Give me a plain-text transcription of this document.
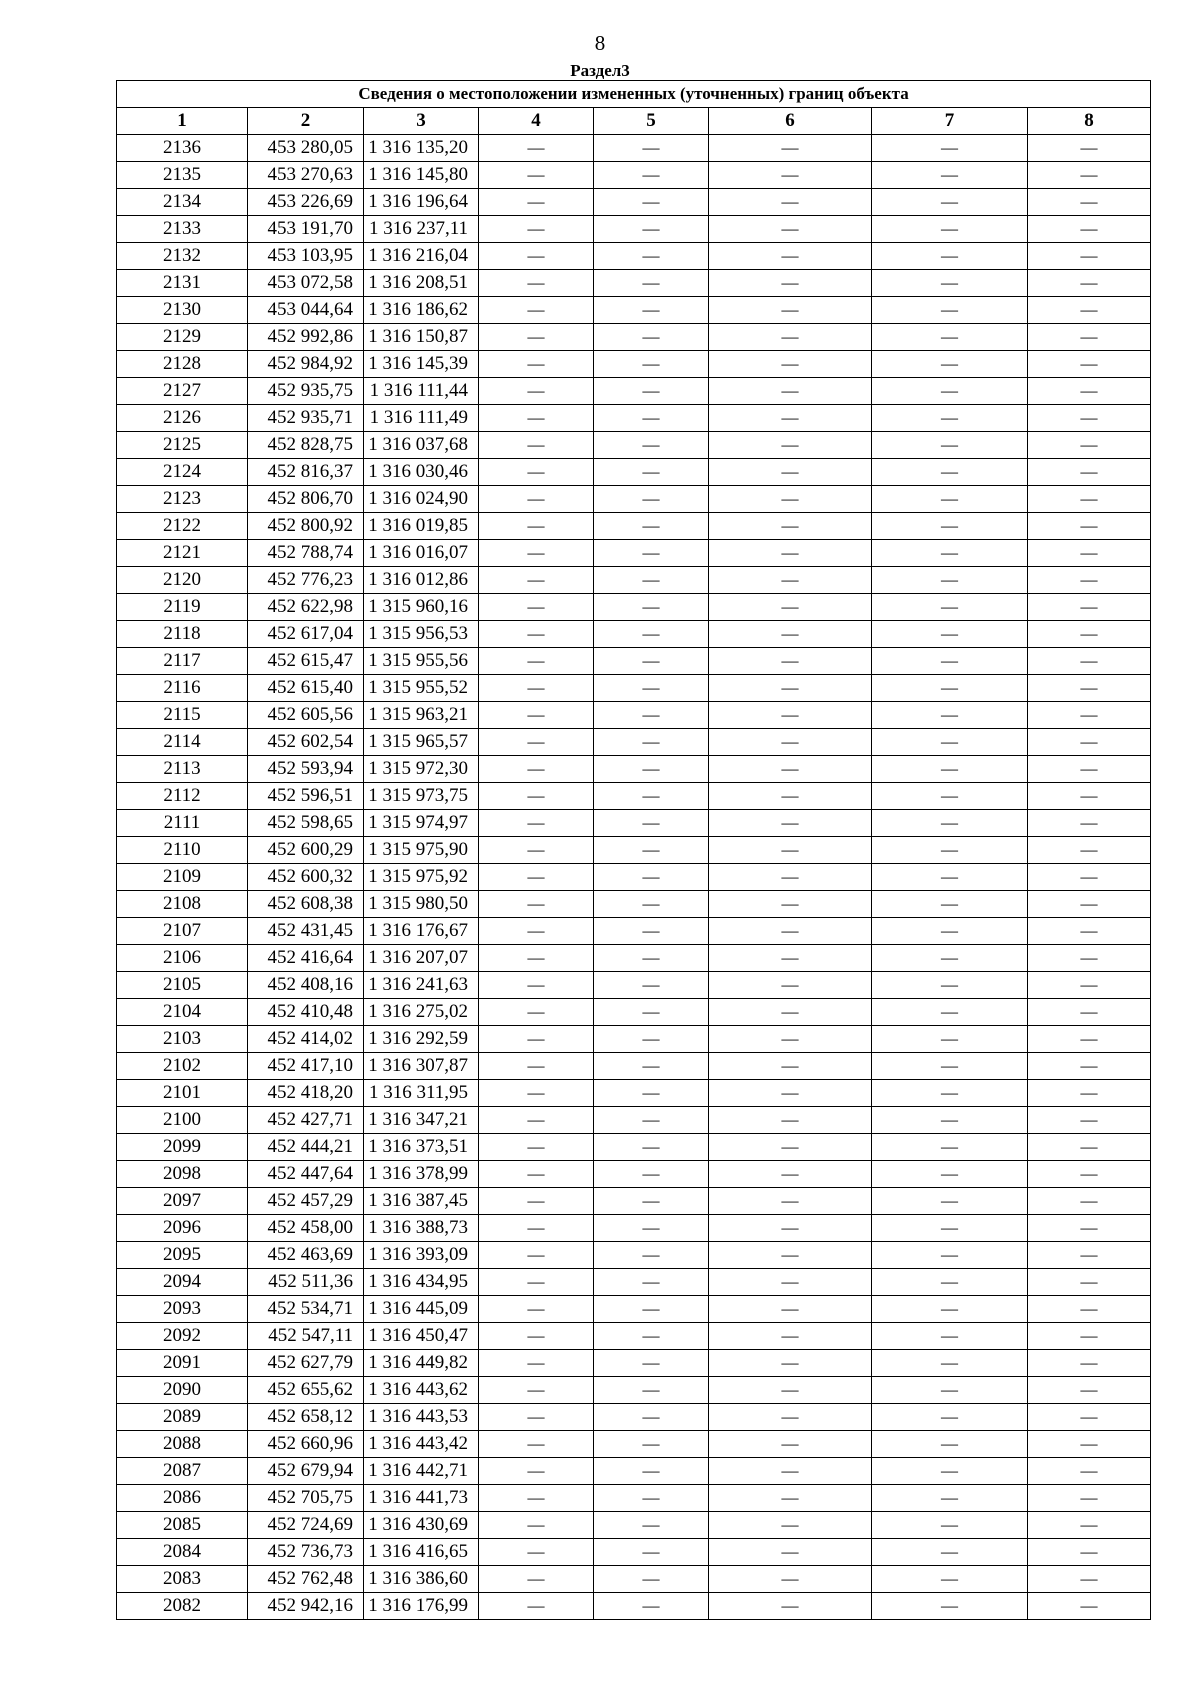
8
Раздел3
Сведения о местоположении измененных (уточненных) границ объекта							
1	2	3	4	5	6	7	8
2136	453 280,05	1 316 135,20	—	—	—	—	—
2135	453 270,63	1 316 145,80	—	—	—	—	—
2134	453 226,69	1 316 196,64	—	—	—	—	—
2133	453 191,70	1 316 237,11	—	—	—	—	—
2132	453 103,95	1 316 216,04	—	—	—	—	—
2131	453 072,58	1 316 208,51	—	—	—	—	—
2130	453 044,64	1 316 186,62	—	—	—	—	—
2129	452 992,86	1 316 150,87	—	—	—	—	—
2128	452 984,92	1 316 145,39	—	—	—	—	—
2127	452 935,75	1 316 111,44	—	—	—	—	—
2126	452 935,71	1 316 111,49	—	—	—	—	—
2125	452 828,75	1 316 037,68	—	—	—	—	—
2124	452 816,37	1 316 030,46	—	—	—	—	—
2123	452 806,70	1 316 024,90	—	—	—	—	—
2122	452 800,92	1 316 019,85	—	—	—	—	—
2121	452 788,74	1 316 016,07	—	—	—	—	—
2120	452 776,23	1 316 012,86	—	—	—	—	—
2119	452 622,98	1 315 960,16	—	—	—	—	—
2118	452 617,04	1 315 956,53	—	—	—	—	—
2117	452 615,47	1 315 955,56	—	—	—	—	—
2116	452 615,40	1 315 955,52	—	—	—	—	—
2115	452 605,56	1 315 963,21	—	—	—	—	—
2114	452 602,54	1 315 965,57	—	—	—	—	—
2113	452 593,94	1 315 972,30	—	—	—	—	—
2112	452 596,51	1 315 973,75	—	—	—	—	—
2111	452 598,65	1 315 974,97	—	—	—	—	—
2110	452 600,29	1 315 975,90	—	—	—	—	—
2109	452 600,32	1 315 975,92	—	—	—	—	—
2108	452 608,38	1 315 980,50	—	—	—	—	—
2107	452 431,45	1 316 176,67	—	—	—	—	—
2106	452 416,64	1 316 207,07	—	—	—	—	—
2105	452 408,16	1 316 241,63	—	—	—	—	—
2104	452 410,48	1 316 275,02	—	—	—	—	—
2103	452 414,02	1 316 292,59	—	—	—	—	—
2102	452 417,10	1 316 307,87	—	—	—	—	—
2101	452 418,20	1 316 311,95	—	—	—	—	—
2100	452 427,71	1 316 347,21	—	—	—	—	—
2099	452 444,21	1 316 373,51	—	—	—	—	—
2098	452 447,64	1 316 378,99	—	—	—	—	—
2097	452 457,29	1 316 387,45	—	—	—	—	—
2096	452 458,00	1 316 388,73	—	—	—	—	—
2095	452 463,69	1 316 393,09	—	—	—	—	—
2094	452 511,36	1 316 434,95	—	—	—	—	—
2093	452 534,71	1 316 445,09	—	—	—	—	—
2092	452 547,11	1 316 450,47	—	—	—	—	—
2091	452 627,79	1 316 449,82	—	—	—	—	—
2090	452 655,62	1 316 443,62	—	—	—	—	—
2089	452 658,12	1 316 443,53	—	—	—	—	—
2088	452 660,96	1 316 443,42	—	—	—	—	—
2087	452 679,94	1 316 442,71	—	—	—	—	—
2086	452 705,75	1 316 441,73	—	—	—	—	—
2085	452 724,69	1 316 430,69	—	—	—	—	—
2084	452 736,73	1 316 416,65	—	—	—	—	—
2083	452 762,48	1 316 386,60	—	—	—	—	—
2082	452 942,16	1 316 176,99	—	—	—	—	—
